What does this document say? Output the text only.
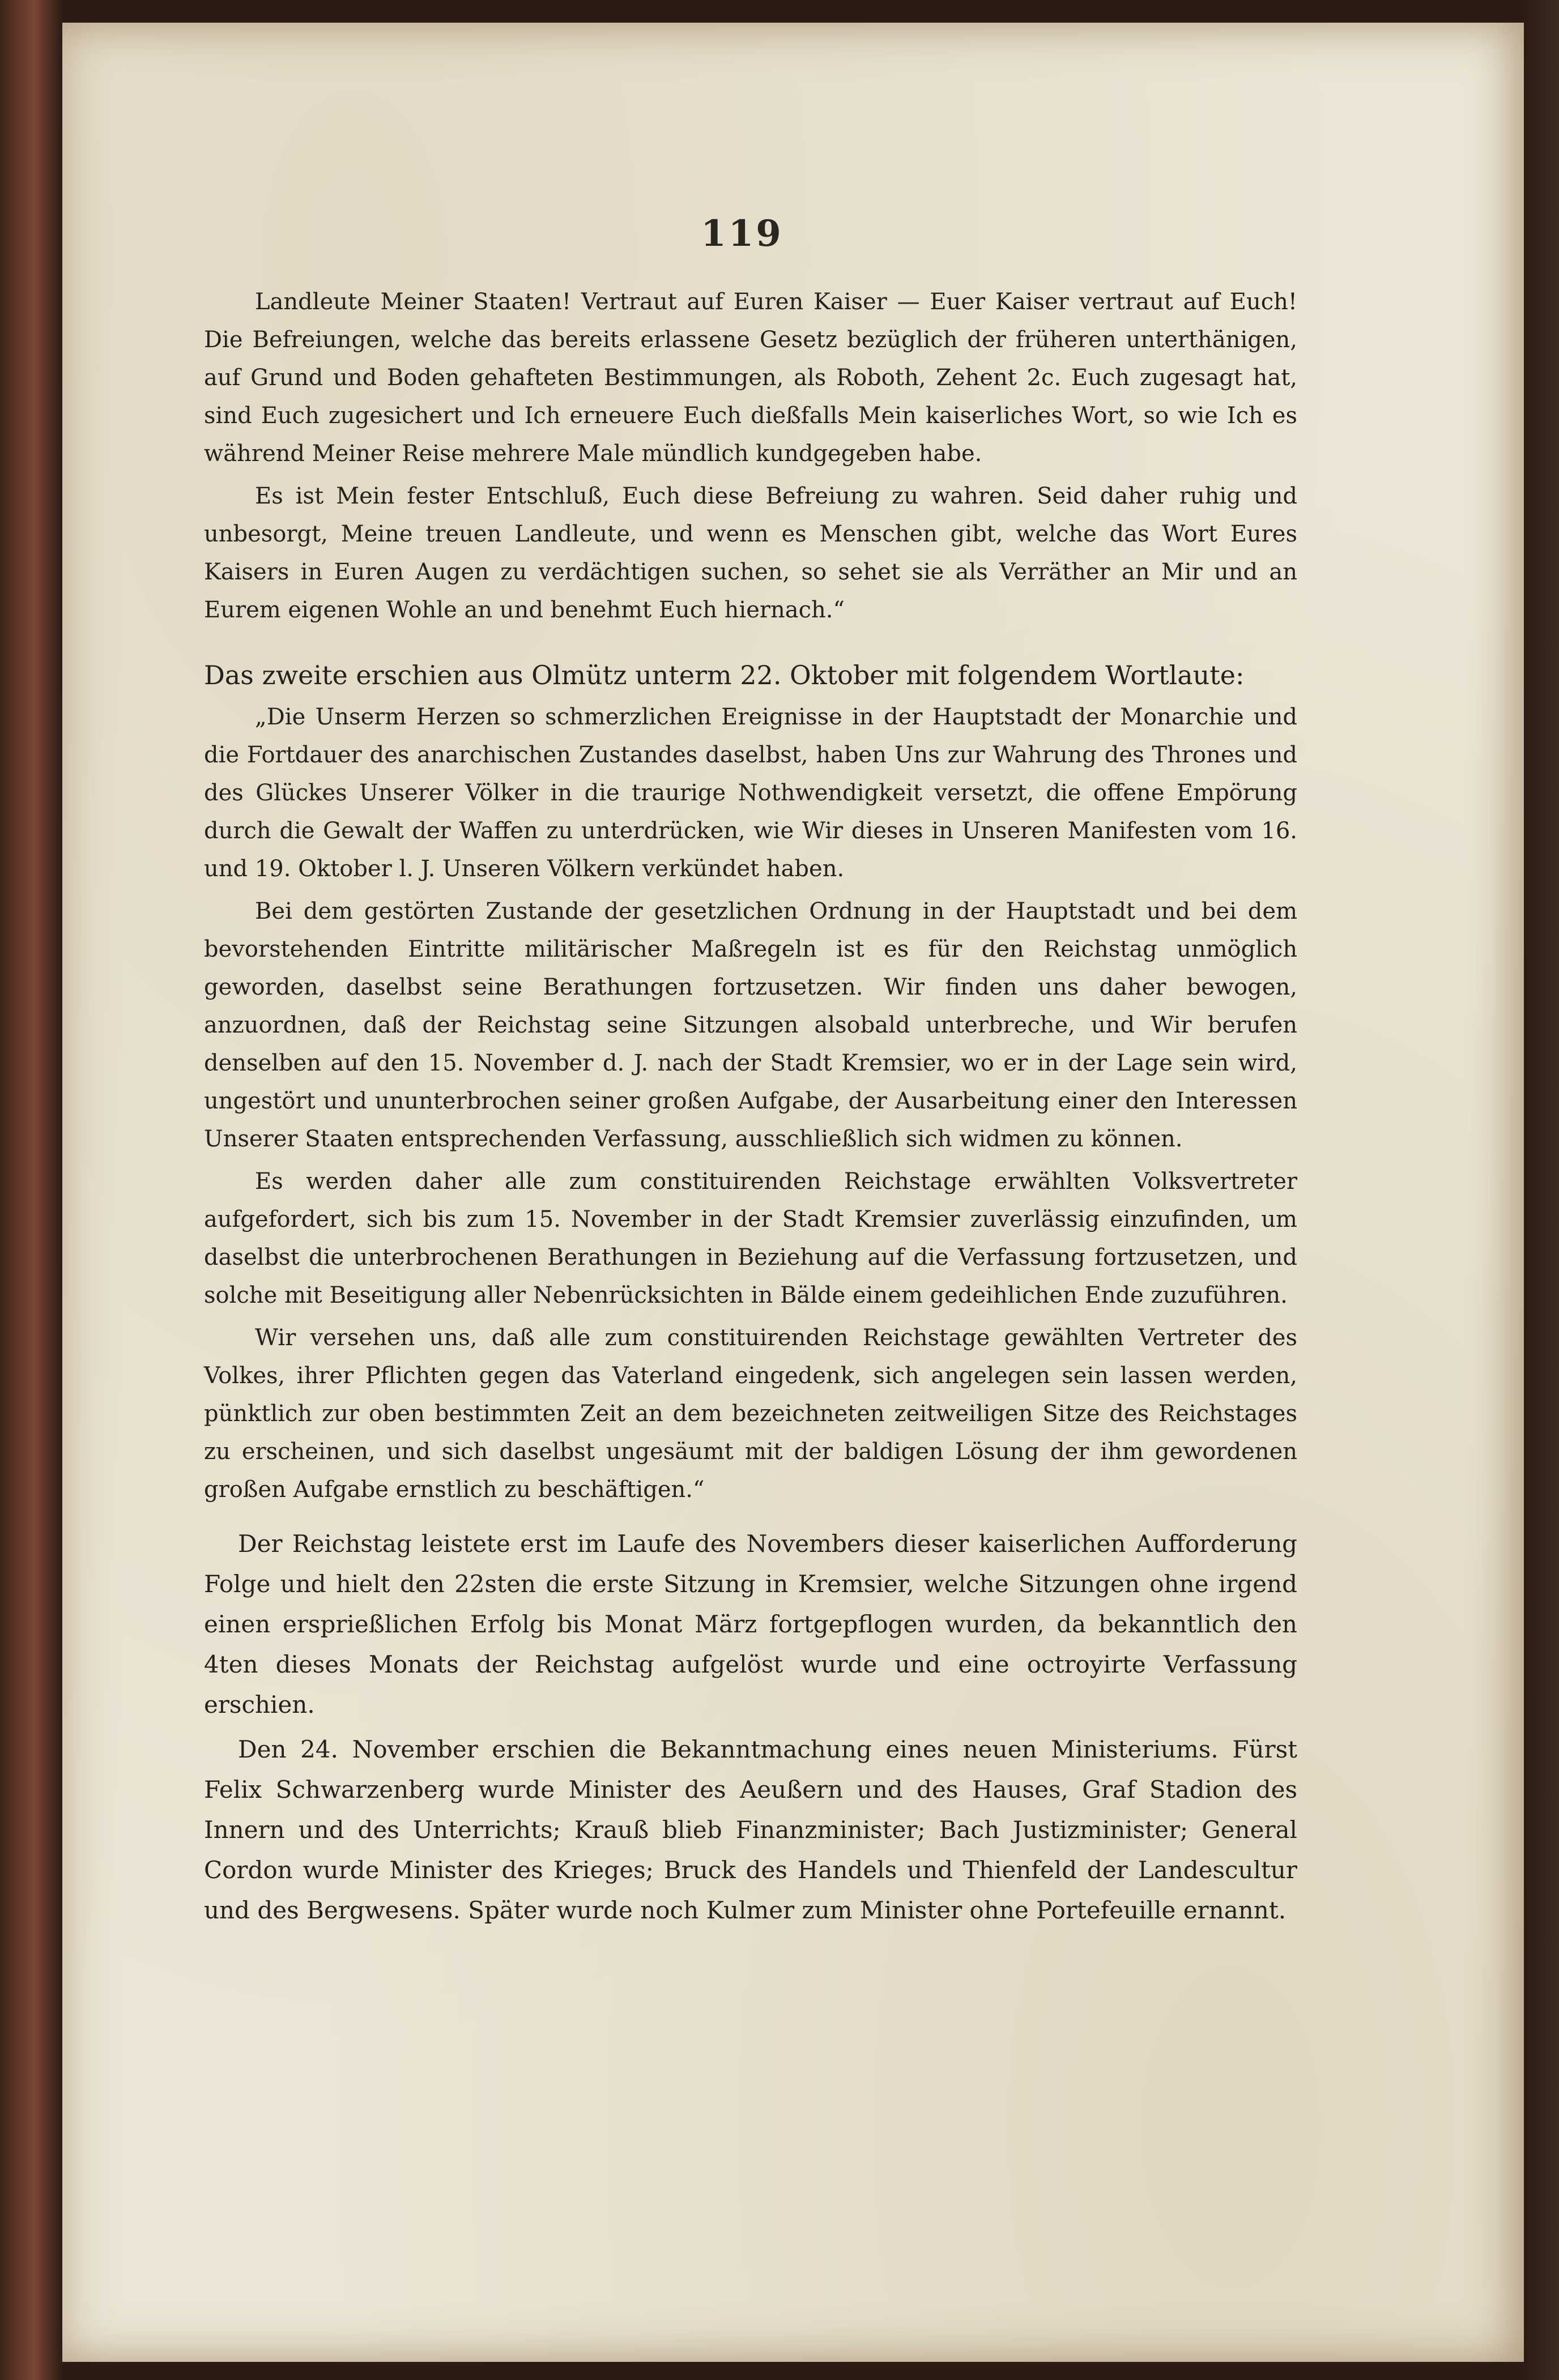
119

Landleute Meiner Staaten! Vertraut auf Euren Kaiser — Euer Kaiser vertraut auf Euch! Die Befreiungen, welche das bereits erlassene Gesetz bezüglich der früheren unterthänigen, auf Grund und Boden gehafteten Bestimmungen, als Roboth, Zehent 2c. Euch zugesagt hat, sind Euch zugesichert und Ich erneuere Euch dießfalls Mein kaiserliches Wort, so wie Ich es während Meiner Reise mehrere Male mündlich kundgegeben habe.

Es ist Mein fester Entschluß, Euch diese Befreiung zu wahren. Seid daher ruhig und unbesorgt, Meine treuen Landleute, und wenn es Menschen gibt, welche das Wort Eures Kaisers in Euren Augen zu verdächtigen suchen, so sehet sie als Verräther an Mir und an Eurem eigenen Wohle an und benehmt Euch hiernach.“

Das zweite erschien aus Olmütz unterm 22. Oktober mit folgendem Wortlaute:

„Die Unserm Herzen so schmerzlichen Ereignisse in der Hauptstadt der Monarchie und die Fortdauer des anarchischen Zustandes daselbst, haben Uns zur Wahrung des Thrones und des Glückes Unserer Völker in die traurige Nothwendigkeit versetzt, die offene Empörung durch die Gewalt der Waffen zu unterdrücken, wie Wir dieses in Unseren Manifesten vom 16. und 19. Oktober l. J. Unseren Völkern verkündet haben.

Bei dem gestörten Zustande der gesetzlichen Ordnung in der Hauptstadt und bei dem bevorstehenden Eintritte militärischer Maßregeln ist es für den Reichstag unmöglich geworden, daselbst seine Berathungen fortzusetzen. Wir finden uns daher bewogen, anzuordnen, daß der Reichstag seine Sitzungen alsobald unterbreche, und Wir berufen denselben auf den 15. November d. J. nach der Stadt Kremsier, wo er in der Lage sein wird, ungestört und ununterbrochen seiner großen Aufgabe, der Ausarbeitung einer den Interessen Unserer Staaten entsprechenden Verfassung, ausschließlich sich widmen zu können.

Es werden daher alle zum constituirenden Reichstage erwählten Volksvertreter aufgefordert, sich bis zum 15. November in der Stadt Kremsier zuverlässig einzufinden, um daselbst die unterbrochenen Berathungen in Beziehung auf die Verfassung fortzusetzen, und solche mit Beseitigung aller Nebenrücksichten in Bälde einem gedeihlichen Ende zuzuführen.

Wir versehen uns, daß alle zum constituirenden Reichstage gewählten Vertreter des Volkes, ihrer Pflichten gegen das Vaterland eingedenk, sich angelegen sein lassen werden, pünktlich zur oben bestimmten Zeit an dem bezeichneten zeitweiligen Sitze des Reichstages zu erscheinen, und sich daselbst ungesäumt mit der baldigen Lösung der ihm gewordenen großen Aufgabe ernstlich zu beschäftigen.“

Der Reichstag leistete erst im Laufe des Novembers dieser kaiserlichen Aufforderung Folge und hielt den 22sten die erste Sitzung in Kremsier, welche Sitzungen ohne irgend einen ersprießlichen Erfolg bis Monat März fortgepflogen wurden, da bekanntlich den 4ten dieses Monats der Reichstag aufgelöst wurde und eine octroyirte Verfassung erschien.

Den 24. November erschien die Bekanntmachung eines neuen Ministeriums. Fürst Felix Schwarzenberg wurde Minister des Aeußern und des Hauses, Graf Stadion des Innern und des Unterrichts; Krauß blieb Finanzminister; Bach Justizminister; General Cordon wurde Minister des Krieges; Bruck des Handels und Thienfeld der Landescultur und des Bergwesens. Später wurde noch Kulmer zum Minister ohne Portefeuille ernannt.
